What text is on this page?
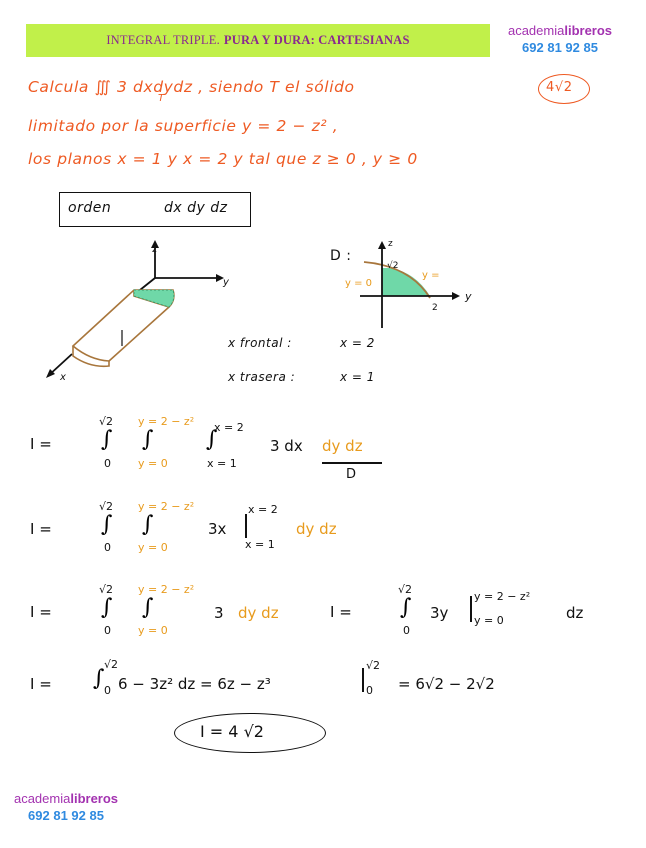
INTEGRAL TRIPLE. PURA Y DURA: CARTESIANAS
academialibreros
692 81 92 85
Calcula ∭ 3 dxdydz , siendo T el sólido
T
limitado por la superficie y = 2 − z² ,
los planos x = 1 y x = 2 y tal que z ≥ 0 , y ≥ 0
4√2
orden	dx dy dz
z
y
x
D :
z
y
√2
2
y = 0
y =
x frontal :	x = 2
x trasera :	x = 1
I =
√2
∫
0
y = 2 − z²
∫
y = 0
x = 2
∫
x = 1
3 dx dy dz
D
I =
√2
∫
0
y = 2 − z²
∫
y = 0
3x
x = 2
x = 1
dy dz
I =
√2
∫
0
y = 2 − z²
∫
y = 0
3 dy dz	I =
√2
∫
0
3y
y = 2 − z²
y = 0	dz
I = ∫
√2
0 6 − 3z² dz = 6z − z³
√2
0 = 6√2 − 2√2
I = 4 √2
academialibreros
692 81 92 85
